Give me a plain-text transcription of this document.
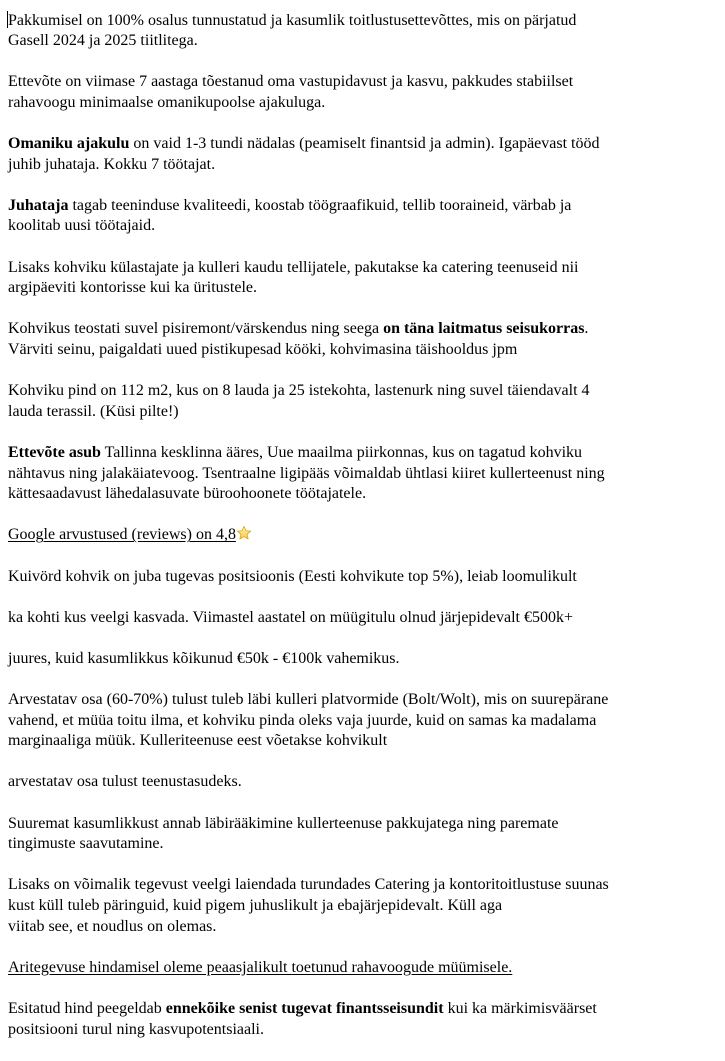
Pakkumisel on 100% osalus tunnustatud ja kasumlik toitlustusettevõttes, mis on pärjatud
Gasell 2024 ja 2025 tiitlitega.
Ettevõte on viimase 7 aastaga tõestanud oma vastupidavust ja kasvu, pakkudes stabiilset
rahavoogu minimaalse omanikupoolse ajakuluga.
Omaniku ajakulu on vaid 1-3 tundi nädalas (peamiselt finantsid ja admin). Igapäevast tööd
juhib juhataja. Kokku 7 töötajat.
Juhataja tagab teeninduse kvaliteedi, koostab töögraafikuid, tellib tooraineid, värbab ja
koolitab uusi töötajaid.
Lisaks kohviku külastajate ja kulleri kaudu tellijatele, pakutakse ka catering teenuseid nii
argipäeviti kontorisse kui ka üritustele.
Kohvikus teostati suvel pisiremont/värskendus ning seega on täna laitmatus seisukorras.
Värviti seinu, paigaldati uued pistikupesad kööki, kohvimasina täishooldus jpm
Kohviku pind on 112 m2, kus on 8 lauda ja 25 istekohta, lastenurk ning suvel täiendavalt 4
lauda terassil. (Küsi pilte!)
Ettevõte asub Tallinna kesklinna ääres, Uue maailma piirkonnas, kus on tagatud kohviku
nähtavus ning jalakäiatevoog. Tsentraalne ligipääs võimaldab ühtlasi kiiret kullerteenust ning
kättesaadavust lähedalasuvate büroohoonete töötajatele.
Google arvustused (reviews) on 4,8
Kuivörd kohvik on juba tugevas positsioonis (Eesti kohvikute top 5%), leiab loomulikult
ka kohti kus veelgi kasvada. Viimastel aastatel on müügitulu olnud järjepidevalt €500k+
juures, kuid kasumlikkus kõikunud €50k - €100k vahemikus.
Arvestatav osa (60-70%) tulust tuleb läbi kulleri platvormide (Bolt/Wolt), mis on suurepärane
vahend, et müüa toitu ilma, et kohviku pinda oleks vaja juurde, kuid on samas ka madalama
marginaaliga müük. Kulleriteenuse eest võetakse kohvikult
arvestatav osa tulust teenustasudeks.
Suuremat kasumlikkust annab läbirääkimine kullerteenuse pakkujatega ning paremate
tingimuste saavutamine.
Lisaks on võimalik tegevust veelgi laiendada turundades Catering ja kontoritoitlustuse suunas
kust küll tuleb päringuid, kuid pigem juhuslikult ja ebajärjepidevalt. Küll aga
viitab see, et noudlus on olemas.
Aritegevuse hindamisel oleme peaasjalikult toetunud rahavoogude müümisele.
Esitatud hind peegeldab ennekõike senist tugevat finantsseisundit kui ka märkimisväärset
positsiooni turul ning kasvupotentsiaali.
